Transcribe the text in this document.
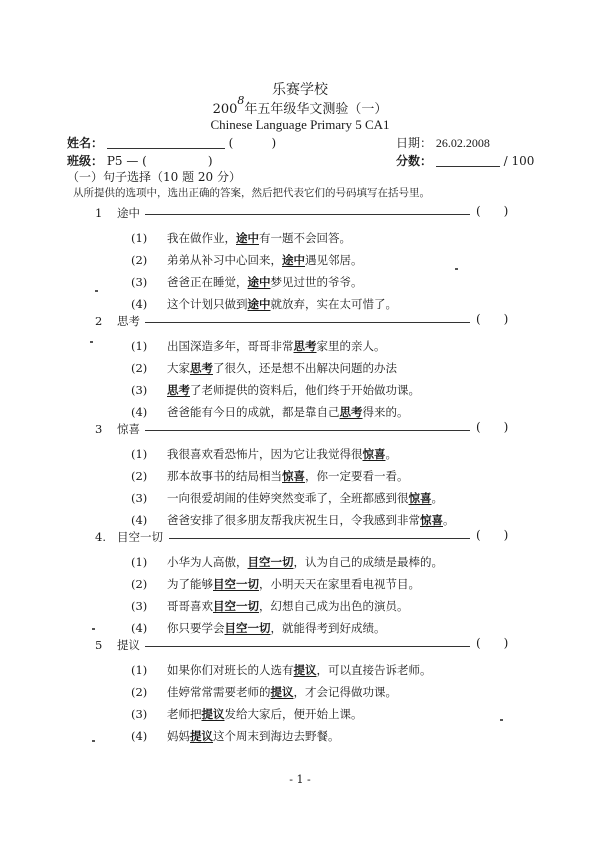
乐赛学校
$200^8$年五年级华文测验（一）
Chinese Language Primary 5 CA1
姓名：	(          )	日期： 26.02.2008
班级： P5 — (                )	分数：	/ 100
（一）句子选择（10 题 20 分）
从所提供的选项中，选出正确的答案，然后把代表它们的号码填写在括号里。
1 途中	(      )
(1) 我在做作业，途中有一题不会回答。
(2) 弟弟从补习中心回来，途中遇见邻居。
(3) 爸爸正在睡觉，途中梦见过世的爷爷。
(4) 这个计划只做到途中就放弃，实在太可惜了。
2 思考	(      )
(1) 出国深造多年，哥哥非常思考家里的亲人。
(2) 大家思考了很久，还是想不出解决问题的办法
(3) 思考了老师提供的资料后，他们终于开始做功课。
(4) 爸爸能有今日的成就，都是靠自己思考得来的。
3 惊喜	(      )
(1) 我很喜欢看恐怖片，因为它让我觉得很惊喜。
(2) 那本故事书的结局相当惊喜，你一定要看一看。
(3) 一向很爱胡闹的佳婷突然变乖了，全班都感到很惊喜。
(4) 爸爸安排了很多朋友帮我庆祝生日，令我感到非常惊喜。
4. 目空一切	(      )
(1) 小华为人高傲，目空一切，认为自己的成绩是最棒的。
(2) 为了能够目空一切，小明天天在家里看电视节目。
(3) 哥哥喜欢目空一切，幻想自己成为出色的演员。
(4) 你只要学会目空一切，就能得考到好成绩。
5 提议	(      )
(1) 如果你们对班长的人选有提议，可以直接告诉老师。
(2) 佳婷常常需要老师的提议，才会记得做功课。
(3) 老师把提议发给大家后，便开始上课。
(4) 妈妈提议这个周末到海边去野餐。
- 1 -
